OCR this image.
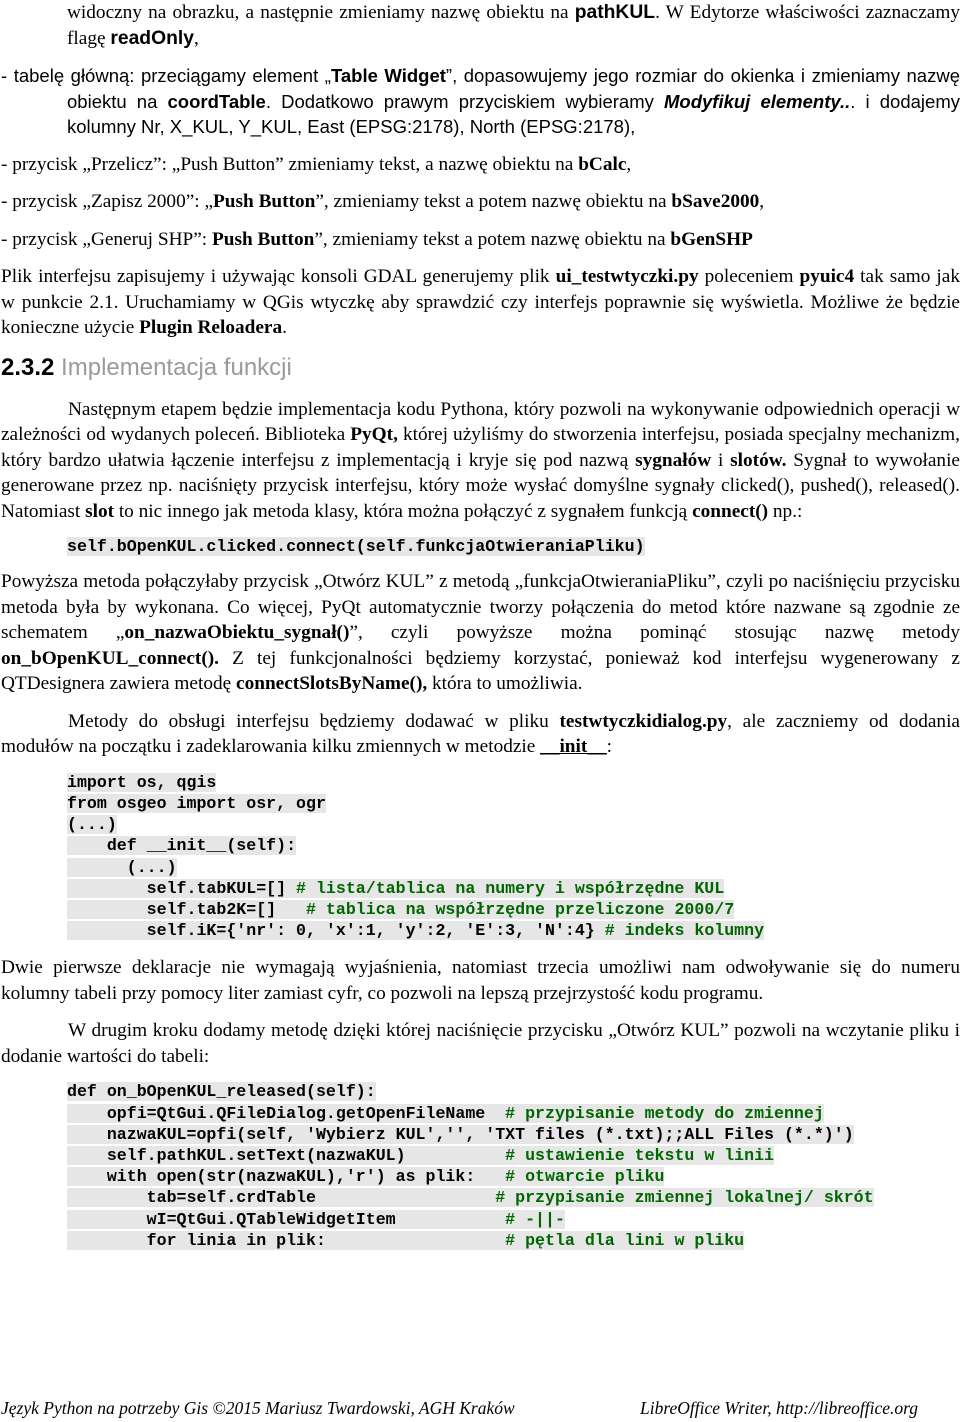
widoczny na obrazku, a następnie zmieniamy nazwę obiektu na pathKUL. W Edytorze właściwości zaznaczamy flagę readOnly,

- tabelę główną: przeciągamy element „Table Widget”, dopasowujemy jego rozmiar do okienka i zmieniamy nazwę obiektu na coordTable. Dodatkowo prawym przyciskiem wybieramy Modyfikuj elementy... i dodajemy kolumny Nr, X_KUL, Y_KUL, East (EPSG:2178), North (EPSG:2178),

- przycisk „Przelicz”: „Push Button” zmieniamy tekst, a nazwę obiektu na bCalc,

- przycisk „Zapisz 2000”: „Push Button”, zmieniamy tekst a potem nazwę obiektu na bSave2000,

- przycisk „Generuj SHP”: Push Button”, zmieniamy tekst a potem nazwę obiektu na bGenSHP

Plik interfejsu zapisujemy i używając konsoli GDAL generujemy plik ui_testwtyczki.py poleceniem pyuic4 tak samo jak w punkcie 2.1. Uruchamiamy w QGis wtyczkę aby sprawdzić czy interfejs poprawnie się wyświetla. Możliwe że będzie konieczne użycie Plugin Reloadera.

2.3.2 Implementacja funkcji

Następnym etapem będzie implementacja kodu Pythona, który pozwoli na wykonywanie odpowiednich operacji w zależności od wydanych poleceń. Biblioteka PyQt, której użyliśmy do stworzenia interfejsu, posiada specjalny mechanizm, który bardzo ułatwia łączenie interfejsu z implementacją i kryje się pod nazwą sygnałów i slotów. Sygnał to wywołanie generowane przez np. naciśnięty przycisk interfejsu, który może wysłać domyślne sygnały clicked(), pushed(), released(). Natomiast slot to nic innego jak metoda klasy, która można połączyć z sygnałem funkcją connect() np.:

self.bOpenKUL.clicked.connect(self.funkcjaOtwieraniaPliku)

Powyższa metoda połączyłaby przycisk „Otwórz KUL” z metodą „funkcjaOtwieraniaPliku”, czyli po naciśnięciu przycisku metoda była by wykonana. Co więcej, PyQt automatycznie tworzy połączenia do metod które nazwane są zgodnie ze schematem „on_nazwaObiektu_sygnał()”, czyli powyższe można pominąć stosując nazwę metody on_bOpenKUL_connect(). Z tej funkcjonalności będziemy korzystać, ponieważ kod interfejsu wygenerowany z QTDesignera zawiera metodę connectSlotsByName(), która to umożliwia.

Metody do obsługi interfejsu będziemy dodawać w pliku testwtyczkidialog.py, ale zaczniemy od dodania modułów na początku i zadeklarowania kilku zmiennych w metodzie __init__:

import os, qgis
from osgeo import osr, ogr
(...)
def __init__(self):
(...)
self.tabKUL=[] # lista/tablica na numery i współrzędne KUL
self.tab2K=[]   # tablica na współrzędne przeliczone 2000/7
self.iK={'nr': 0, 'x':1, 'y':2, 'E':3, 'N':4} # indeks kolumny

Dwie pierwsze deklaracje nie wymagają wyjaśnienia, natomiast trzecia umożliwi nam odwoływanie się do numeru kolumny tabeli przy pomocy liter zamiast cyfr, co pozwoli na lepszą przejrzystość kodu programu.

W drugim kroku dodamy metodę dzięki której naciśnięcie przycisku „Otwórz KUL” pozwoli na wczytanie pliku i dodanie wartości do tabeli:

def on_bOpenKUL_released(self):
opfi=QtGui.QFileDialog.getOpenFileName  # przypisanie metody do zmiennej
nazwaKUL=opfi(self, 'Wybierz KUL','', 'TXT files (*.txt);;ALL Files (*.*)')
self.pathKUL.setText(nazwaKUL)          # ustawienie tekstu w linii
with open(str(nazwaKUL),'r') as plik:   # otwarcie pliku
tab=self.crdTable                  # przypisanie zmiennej lokalnej/ skrót
wI=QtGui.QTableWidgetItem           # -||-
for linia in plik:                  # pętla dla lini w pliku
Język Python na potrzeby Gis ©2015 Mariusz Twardowski, AGH Kraków	LibreOffice Writer, http://libreoffice.org
